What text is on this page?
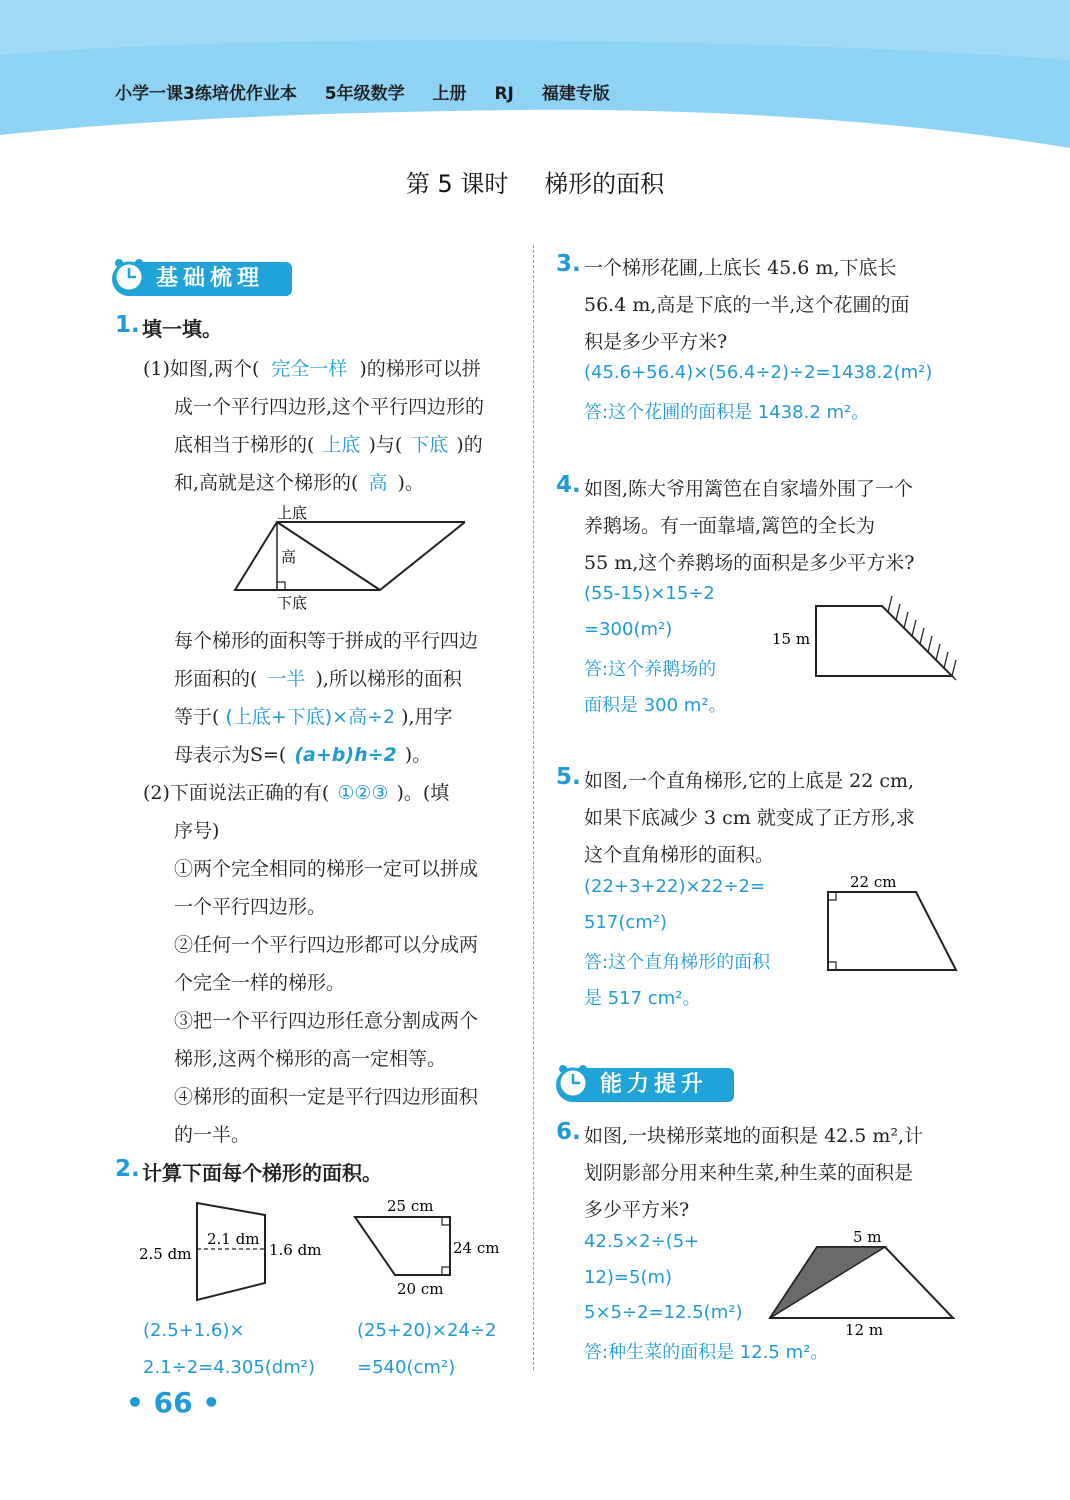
小学一课3练培优作业本 5年级数学 上册 RJ 福建专版
第 5 课时 梯形的面积
基础梳理
1. 填一填。
(1)如图,两个( 完全一样 )的梯形可以拼
成一个平行四边形,这个平行四边形的
底相当于梯形的( 上底 )与( 下底 )的
和,高就是这个梯形的( 高 )。
上底
高
下底
每个梯形的面积等于拼成的平行四边
形面积的( 一半 ),所以梯形的面积
等于( (上底+下底)×高÷2 ),用字
母表示为S=( (a+b)h÷2 )。
(2)下面说法正确的有( ①②③ )。(填
序号)
①两个完全相同的梯形一定可以拼成
一个平行四边形。
②任何一个平行四边形都可以分成两
个完全一样的梯形。
③把一个平行四边形任意分割成两个
梯形,这两个梯形的高一定相等。
④梯形的面积一定是平行四边形面积
的一半。
2. 计算下面每个梯形的面积。
2.5 dm
2.1 dm
1.6 dm
25 cm
24 cm
20 cm
(2.5+1.6)×
2.1÷2=4.305(dm²)
(25+20)×24÷2
=540(cm²)
• 66 •
3. 一个梯形花圃,上底长 45.6 m,下底长
56.4 m,高是下底的一半,这个花圃的面
积是多少平方米?
(45.6+56.4)×(56.4÷2)÷2=1438.2(m²)
答:这个花圃的面积是 1438.2 m²。
4. 如图,陈大爷用篱笆在自家墙外围了一个
养鹅场。有一面靠墙,篱笆的全长为
55 m,这个养鹅场的面积是多少平方米?
(55-15)×15÷2
=300(m²)
答:这个养鹅场的
面积是 300 m²。
15 m
5. 如图,一个直角梯形,它的上底是 22 cm,
如果下底减少 3 cm 就变成了正方形,求
这个直角梯形的面积。
(22+3+22)×22÷2=
517(cm²)
答:这个直角梯形的面积
是 517 cm²。
22 cm
能力提升
6. 如图,一块梯形菜地的面积是 42.5 m²,计
划阴影部分用来种生菜,种生菜的面积是
多少平方米?
42.5×2÷(5+
12)=5(m)
5×5÷2=12.5(m²)
答:种生菜的面积是 12.5 m²。
5 m
12 m
